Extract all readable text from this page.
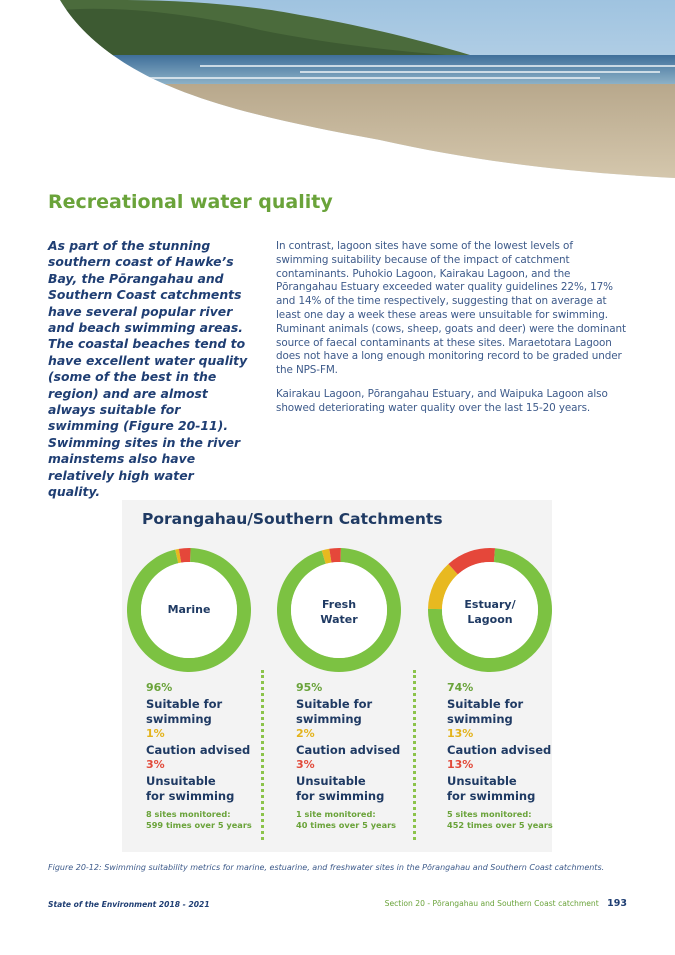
Recreational water quality

As part of the stunning southern coast of Hawke’s Bay, the Pōrangahau and Southern Coast catchments have several popular river and beach swimming areas. The coastal beaches tend to have excellent water quality (some of the best in the region) and are almost always suitable for swimming (Figure 20-11). Swimming sites in the river mainstems also have relatively high water quality.

In contrast, lagoon sites have some of the lowest levels of swimming suitability because of the impact of catchment contaminants. Puhokio Lagoon, Kairakau Lagoon, and the Pōrangahau Estuary exceeded water quality guidelines 22%, 17% and 14% of the time respectively, suggesting that on average at least one day a week these areas were unsuitable for swimming. Ruminant animals (cows, sheep, goats and deer) were the dominant source of faecal contaminants at these sites. Maraetotara Lagoon does not have a long enough monitoring record to be graded under the NPS-FM.

Kairakau Lagoon, Pōrangahau Estuary, and Waipuka Lagoon also showed deteriorating water quality over the last 15-20 years.

Porangahau/Southern Catchments
Marine
96%
Suitable for
swimming
1%
Caution advised
3%
Unsuitable
for swimming
8 sites monitored:
599 times over 5 years
Fresh
Water
95%
Suitable for
swimming
2%
Caution advised
3%
Unsuitable
for swimming
1 site monitored:
40 times over 5 years
Estuary/
Lagoon
74%
Suitable for
swimming
13%
Caution advised
13%
Unsuitable
for swimming
5 sites monitored:
452 times over 5 years

Figure 20-12: Swimming suitability metrics for marine, estuarine, and freshwater sites in the Pōrangahau and Southern Coast catchments.

State of the Environment 2018 - 2021	Section 20 - Pōrangahau and Southern Coast catchment 193
